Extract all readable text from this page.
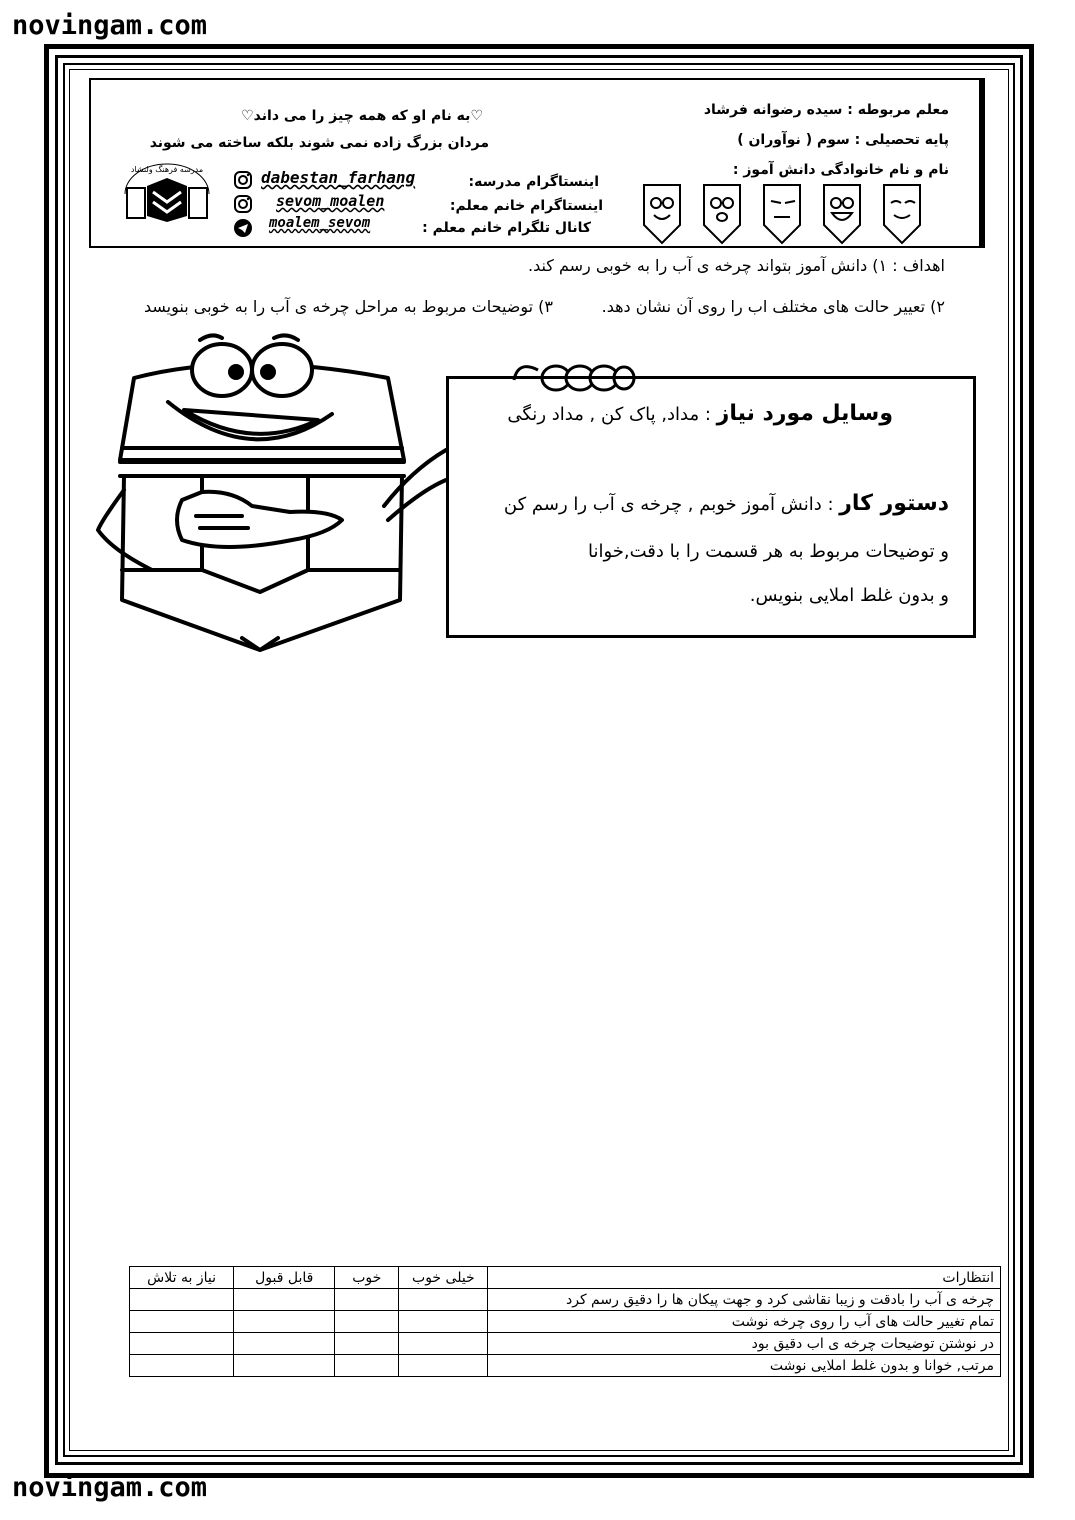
novingam.com
novingam.com
معلم مربوطه : سیده رضوانه فرشاد
پایه تحصیلی : سوم ( نوآوران )
نام و نام خانوادگی دانش آموز :
♡به نام او که همه چیز را می داند♡
مردان بزرگ زاده نمی شوند بلکه ساخته می شوند
مدرسه فرهنگ ولنشاد
اینستاگرام مدرسه:
dabestan_farhang
اینستاگرام خانم معلم:
sevom_moalen
کانال تلگرام خانم معلم :
moalem_sevom
اهداف : ۱) دانش آموز بتواند چرخه ی آب را به خوبی رسم کند.
۲) تعییر حالت های مختلف اب را روی آن نشان دهد.
۳) توضیحات مربوط به مراحل چرخه ی آب را به خوبی بنویسد
وسایل مورد نیاز : مداد, پاک کن , مداد رنگی
دستور کار : دانش آموز خوبم , چرخه ی آب را رسم کن
و توضیحات مربوط به هر قسمت را با دقت,خوانا
و بدون غلط املایی بنویس.
انتظارات	خیلی خوب	خوب	قابل قبول	نیاز به تلاش
چرخه ی آب را بادقت و زیبا نقاشی کرد و جهت پیکان ها را دقیق رسم کرد				
تمام تغییر حالت های آب را روی چرخه نوشت				
در نوشتن توضیحات چرخه ی اب دقیق بود				
مرتب, خوانا و بدون غلط املایی نوشت				
